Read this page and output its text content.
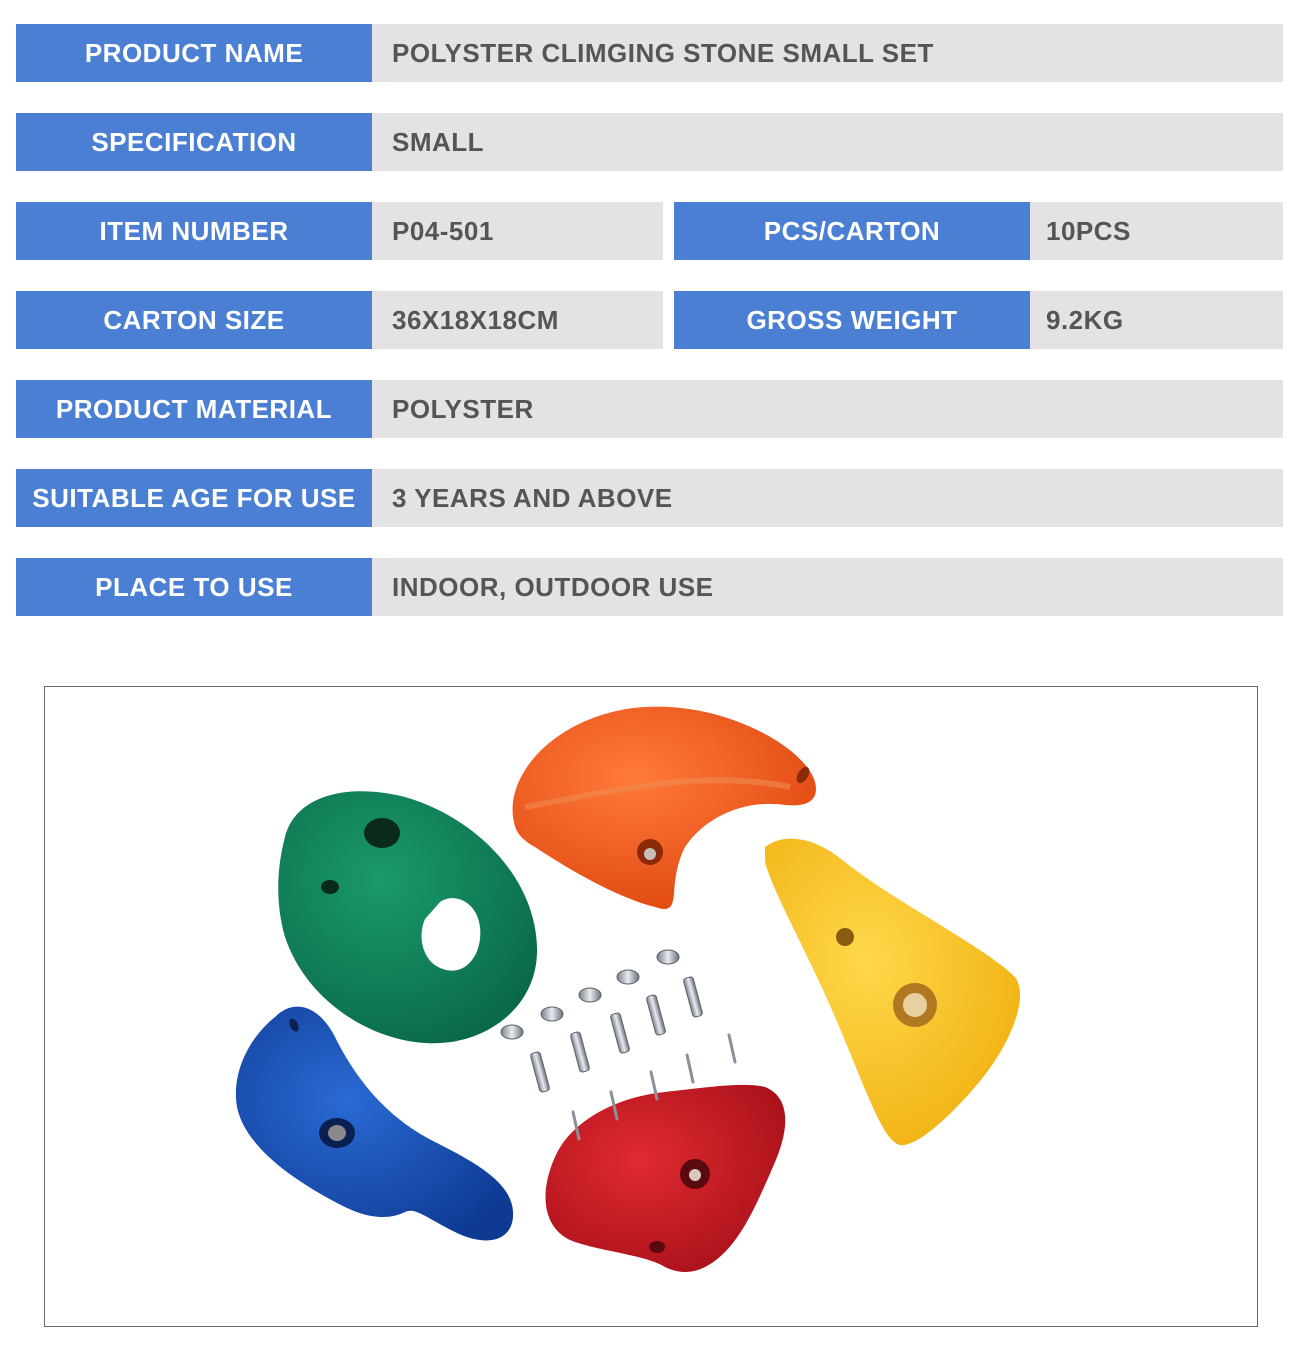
PRODUCT NAME	POLYSTER CLIMGING STONE SMALL SET
SPECIFICATION	SMALL
ITEM NUMBER	P04-501	PCS/CARTON	10PCS
CARTON SIZE	36X18X18CM	GROSS WEIGHT	9.2KG
PRODUCT MATERIAL	POLYSTER
SUITABLE AGE FOR USE	3 YEARS AND ABOVE
PLACE TO USE	INDOOR, OUTDOOR USE
